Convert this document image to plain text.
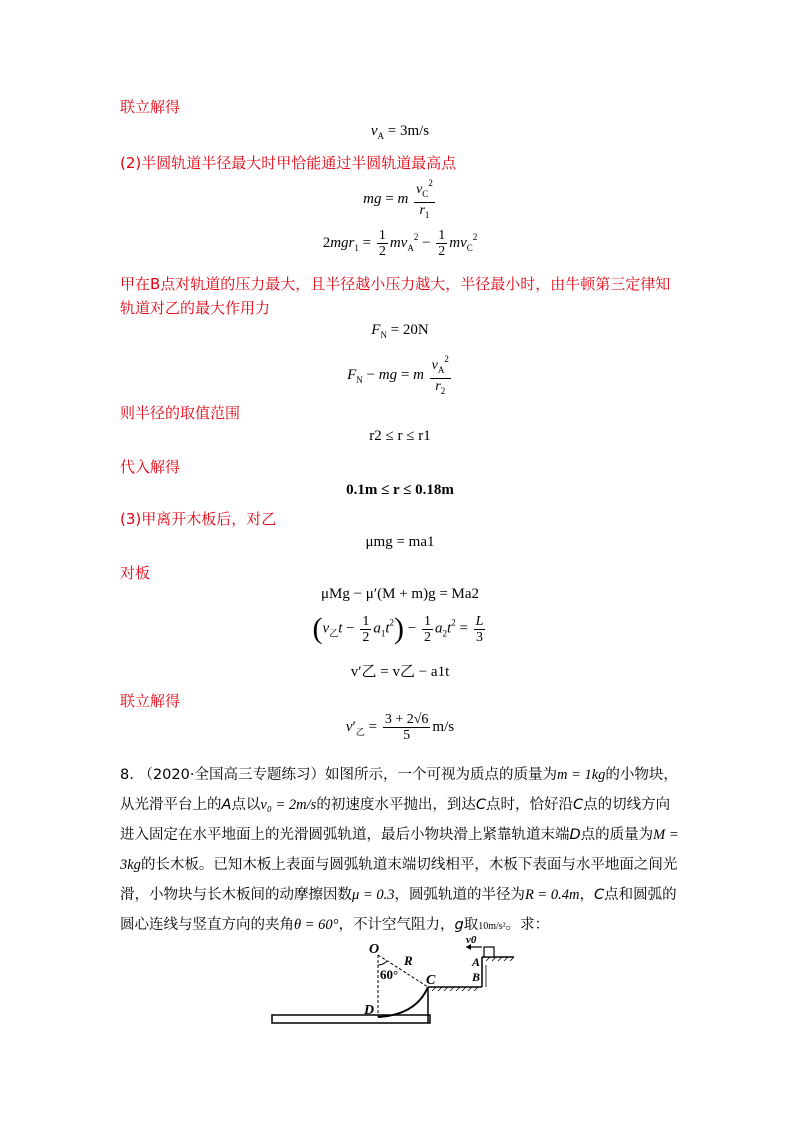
联立解得
$v_A = 3m/s$
(2)半圆轨道半径最大时甲恰能通过半圆轨道最高点
mg = m $\frac{v_C^2}{r_1}$
$2mgr_1 = \frac{1}{2} mv_A^2 - \frac{1}{2} mv_C^2$
甲在B点对轨道的压力最大，且半径越小压力越大，半径最小时，由牛顿第三定律知轨道对乙的最大作用力
$F_N = 20N$
$F_N$ − mg = m $\frac{v_A^2}{r_2}$
则半径的取值范围
r2 ≤ r ≤ r1
代入解得
0.1m ≤ r ≤ 0.18m
(3)甲离开木板后，对乙
μmg = ma1
对板
μMg − μ′(M + m)g = Ma2
$(v_乙t - \frac{1}{2} a_1t^2) - \frac{1}{2} a_2t^2 = \frac{L}{3}$
v′乙 = v乙 − a1t
联立解得
$v'_乙 = \frac{3 + 2√6}{5} m/s$
8. （2020·全国高三专题练习）如图所示，一个可视为质点的质量为m = 1kg的小物块，从光滑平台上的A点以v₀ = 2m/s的初速度水平抛出，到达C点时，恰好沿C点的切线方向进入固定在水平地面上的光滑圆弧轨道，最后小物块滑上紧靠轨道末端D点的质量为M = 3kg的长木板。已知木板上表面与圆弧轨道末端切线相平，木板下表面与水平地面之间光滑，小物块与长木板间的动摩擦因数μ = 0.3，圆弧轨道的半径为R = 0.4m，C点和圆弧的圆心连线与竖直方向的夹角θ = 60°，不计空气阻力，g取10m/s²。求：
O
R
60° C
D
A
B
v0
